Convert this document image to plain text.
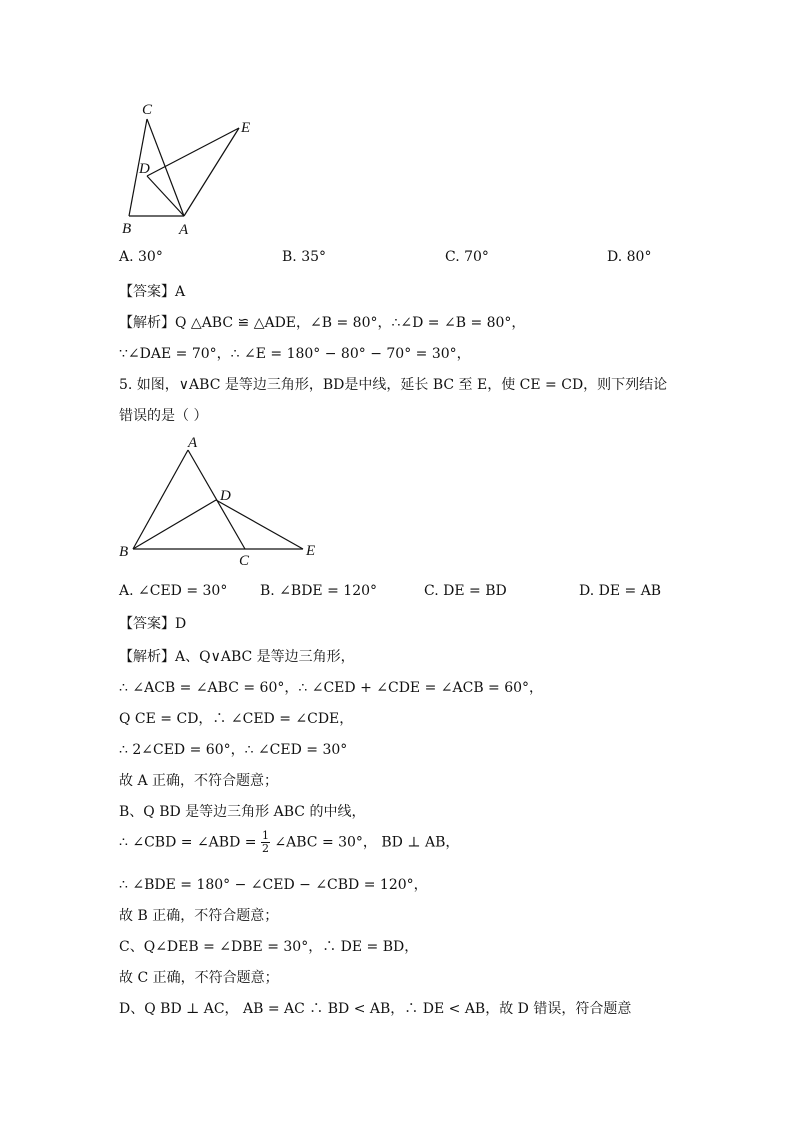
C
E
D
B	A
A. 30°	B. 35°	C. 70°	D. 80°
【答案】A
【解析】Q △ABC ≌ △ADE，∠B = 80°，∴∠D = ∠B = 80°，
∵∠DAE = 70°，∴ ∠E = 180° − 80° − 70° = 30°，
5. 如图，∨ABC 是等边三角形，BD是中线，延长 BC 至 E，使 CE = CD，则下列结论
错误的是（ ）
A
D
B
C
E
A. ∠CED = 30° B. ∠BDE = 120°	C. DE = BD	D. DE = AB
【答案】D
【解析】A、Q∨ABC 是等边三角形，
∴ ∠ACB = ∠ABC = 60°，∴ ∠CED + ∠CDE = ∠ACB = 60°，
Q CE = CD，∴ ∠CED = ∠CDE，
∴ 2∠CED = 60°，∴ ∠CED = 30°
故 A 正确，不符合题意；
B、Q BD 是等边三角形 ABC 的中线，
∴ ∠CBD = ∠ABD = $\frac{1}{2}$ ∠ABC = 30°， BD ⊥ AB，
∴ ∠BDE = 180° − ∠CED − ∠CBD = 120°，
故 B 正确，不符合题意；
C、Q∠DEB = ∠DBE = 30°，∴ DE = BD，
故 C 正确，不符合题意；
D、Q BD ⊥ AC， AB = AC ∴ BD < AB，∴ DE < AB，故 D 错误，符合题意
